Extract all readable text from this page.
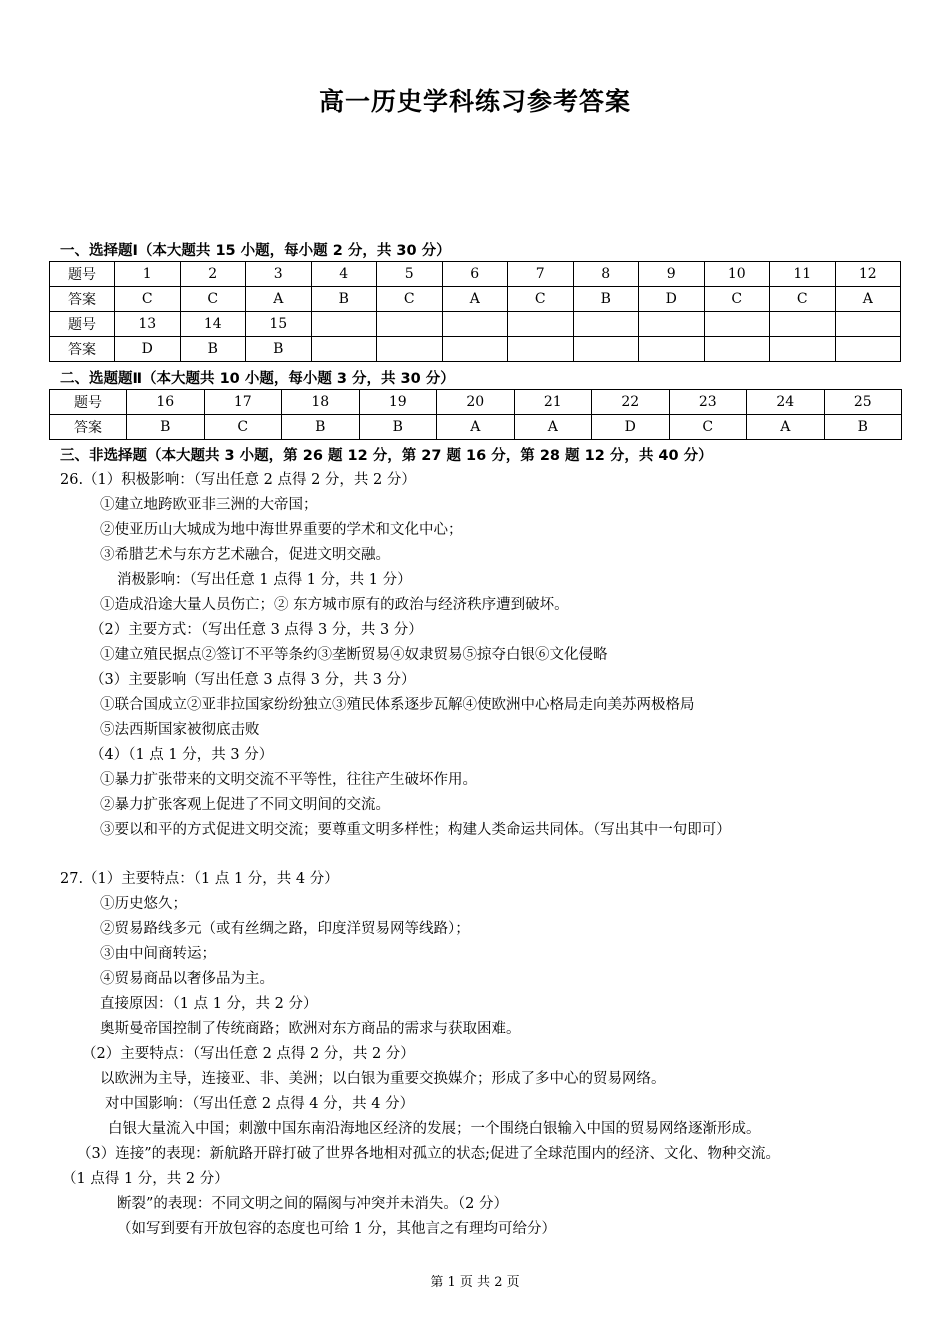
高一历史学科练习参考答案
一、选择题Ⅰ（本大题共 15 小题，每小题 2 分，共 30 分）
题号	1	2	3	4	5	6	7	8	9	10	11	12
答案	C	C	A	B	C	A	C	B	D	C	C	A
题号	13	14	15									
答案	D	B	B									
二、选题题Ⅱ（本大题共 10 小题，每小题 3 分，共 30 分）
题号	16	17	18	19	20	21	22	23	24	25
答案	B	C	B	B	A	A	D	C	A	B
三、非选择题（本大题共 3 小题，第 26 题 12 分，第 27 题 16 分，第 28 题 12 分，共 40 分）
26.（1）积极影响：（写出任意 2 点得 2 分，共 2 分）
①建立地跨欧亚非三洲的大帝国；
②使亚历山大城成为地中海世界重要的学术和文化中心；
③希腊艺术与东方艺术融合，促进文明交融。
消极影响：（写出任意 1 点得 1 分，共 1 分）
①造成沿途大量人员伤亡；② 东方城市原有的政治与经济秩序遭到破坏。
（2）主要方式：（写出任意 3 点得 3 分，共 3 分）
①建立殖民据点②签订不平等条约③垄断贸易④奴隶贸易⑤掠夺白银⑥文化侵略
（3）主要影响（写出任意 3 点得 3 分，共 3 分）
①联合国成立②亚非拉国家纷纷独立③殖民体系逐步瓦解④使欧洲中心格局走向美苏两极格局
⑤法西斯国家被彻底击败
（4）（1 点 1 分，共 3 分）
①暴力扩张带来的文明交流不平等性，往往产生破坏作用。
②暴力扩张客观上促进了不同文明间的交流。
③要以和平的方式促进文明交流；要尊重文明多样性；构建人类命运共同体。（写出其中一句即可）
27.（1）主要特点：（1 点 1 分，共 4 分）
①历史悠久；
②贸易路线多元（或有丝绸之路，印度洋贸易网等线路）；
③由中间商转运；
④贸易商品以奢侈品为主。
直接原因：（1 点 1 分，共 2 分）
奥斯曼帝国控制了传统商路；欧洲对东方商品的需求与获取困难。
（2）主要特点：（写出任意 2 点得 2 分，共 2 分）
以欧洲为主导，连接亚、非、美洲；以白银为重要交换媒介；形成了多中心的贸易网络。
对中国影响：（写出任意 2 点得 4 分，共 4 分）
白银大量流入中国；刺激中国东南沿海地区经济的发展；一个围绕白银输入中国的贸易网络逐渐形成。
（3）连接”的表现：新航路开辟打破了世界各地相对孤立的状态;促进了全球范围内的经济、文化、物种交流。
（1 点得 1 分，共 2 分）
断裂”的表现：不同文明之间的隔阂与冲突并未消失。（2 分）
（如写到要有开放包容的态度也可给 1 分，其他言之有理均可给分）
第 1 页 共 2 页
